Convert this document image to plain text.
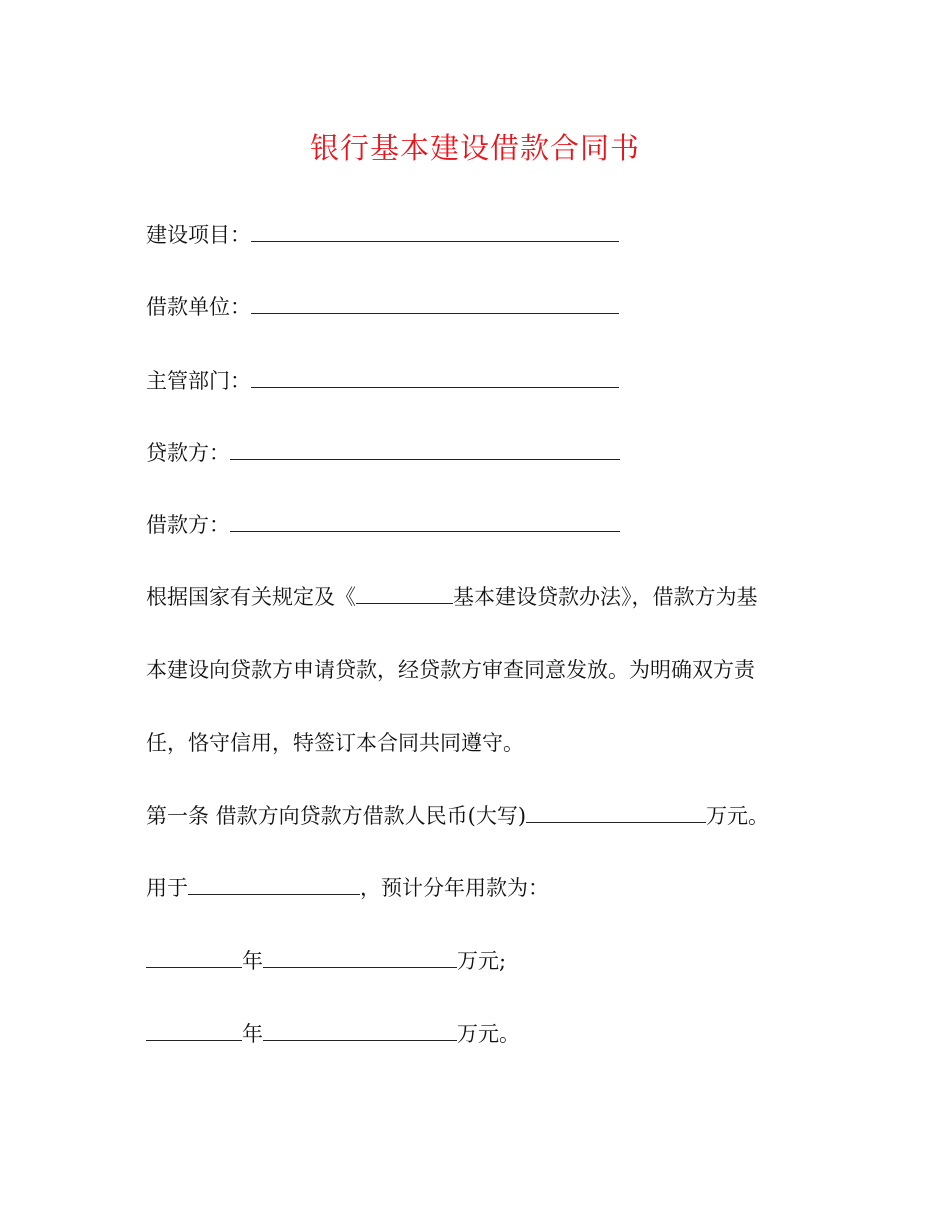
银行基本建设借款合同书
建设项目：
借款单位：
主管部门：
贷款方：
借款方：
根据国家有关规定及《	基本建设贷款办法》，借款方为基
本建设向贷款方申请贷款，经贷款方审查同意发放。为明确双方责
任，恪守信用，特签订本合同共同遵守。
第一条 借款方向贷款方借款人民币(大写)	万元。
用于	，预计分年用款为：
年	万元;
年	万元。
